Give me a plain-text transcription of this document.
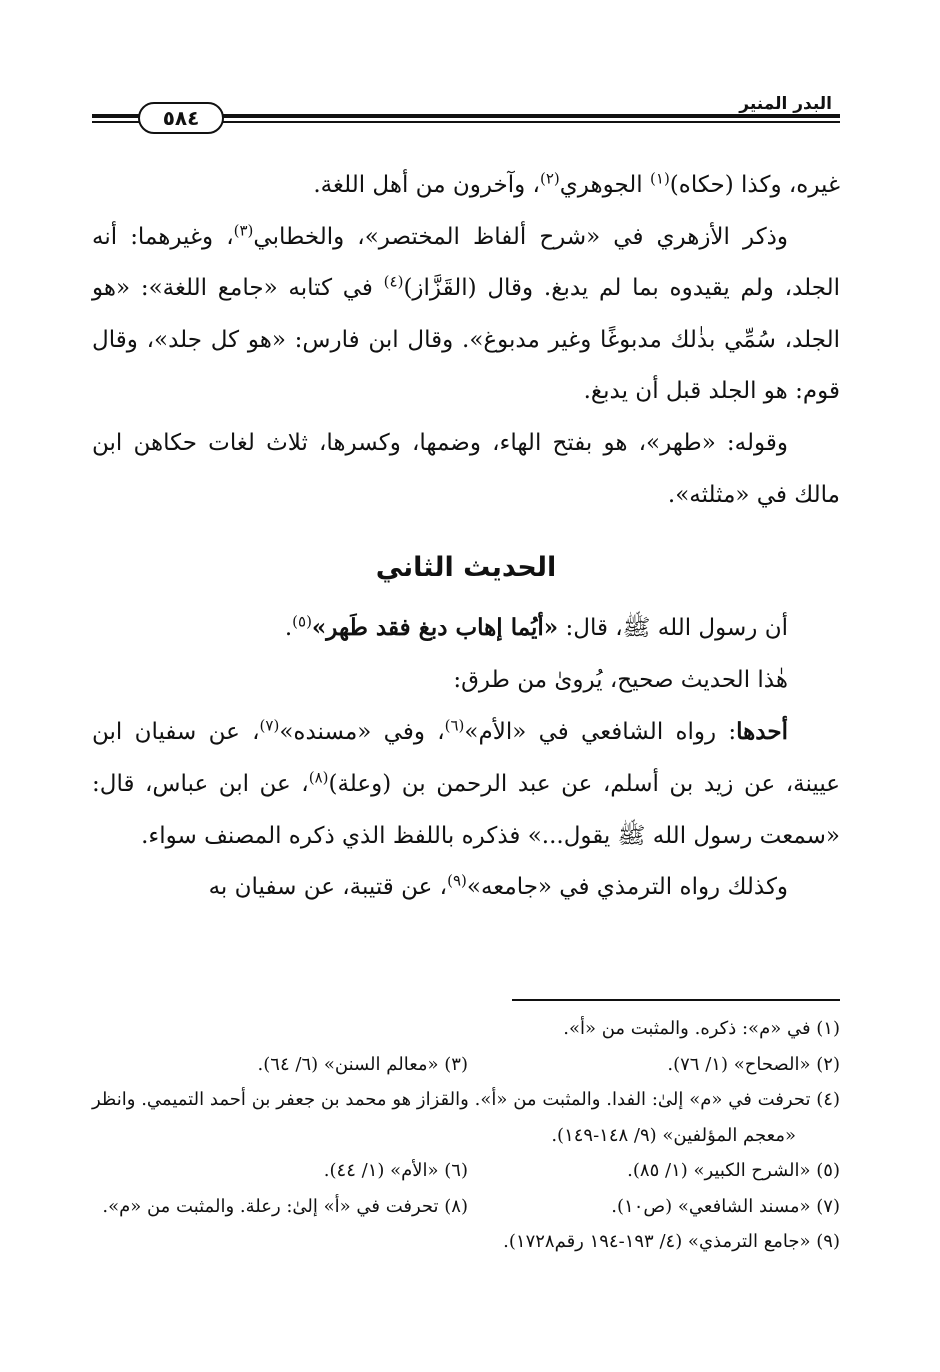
البدر المنير
٥٨٤

غيره، وكذا (حكاه)$^{(١)}$ الجوهري$^{(٢)}$، وآخرون من أهل اللغة.

وذكر الأزهري في «شرح ألفاظ المختصر»، والخطابي$^{(٣)}$، وغيرهما: أنه الجلد، ولم يقيدوه بما لم يدبغ. وقال (القَزَّاز)$^{(٤)}$ في كتابه «جامع اللغة»: «هو الجلد، سُمِّي بذٰلك مدبوغًا وغير مدبوغ». وقال ابن فارس: «هو كل جلد»، وقال قوم: هو الجلد قبل أن يدبغ.

وقوله: «طهر»، هو بفتح الهاء، وضمها، وكسرها، ثلاث لغات حكاهن ابن مالك في «مثلثه».

الحديث الثاني

أن رسول الله ﷺ، قال: «أيُما إهاب دبغ فقد طَهر»$^{(٥)}$.

هٰذا الحديث صحيح، يُروىٰ من طرق:

أحدها: رواه الشافعي في «الأم»$^{(٦)}$، وفي «مسنده»$^{(٧)}$، عن سفيان ابن عيينة، عن زيد بن أسلم، عن عبد الرحمن بن (وعلة)$^{(٨)}$، عن ابن عباس، قال: «سمعت رسول الله ﷺ يقول...» فذكره باللفظ الذي ذكره المصنف سواء.

وكذلك رواه الترمذي في «جامعه»$^{(٩)}$، عن قتيبة، عن سفيان به

(١) في «م»: ذكره. والمثبت من «أ».

(٢) «الصحاح» (١/ ٧٦).
(٣) «معالم السنن» (٦/ ٦٤).

(٤) تحرفت في «م» إلىٰ: الفدا. والمثبت من «أ». والقزاز هو محمد بن جعفر بن أحمد التميمي. وانظر «معجم المؤلفين» (٩/ ١٤٨-١٤٩).

(٥) «الشرح الكبير» (١/ ٨٥).
(٦) «الأم» (١/ ٤٤).
(٧) «مسند الشافعي» (ص١٠).
(٨) تحرفت في «أ» إلىٰ: رعلة. والمثبت من «م».

(٩) «جامع الترمذي» (٤/ ١٩٣-١٩٤ رقم١٧٢٨).
